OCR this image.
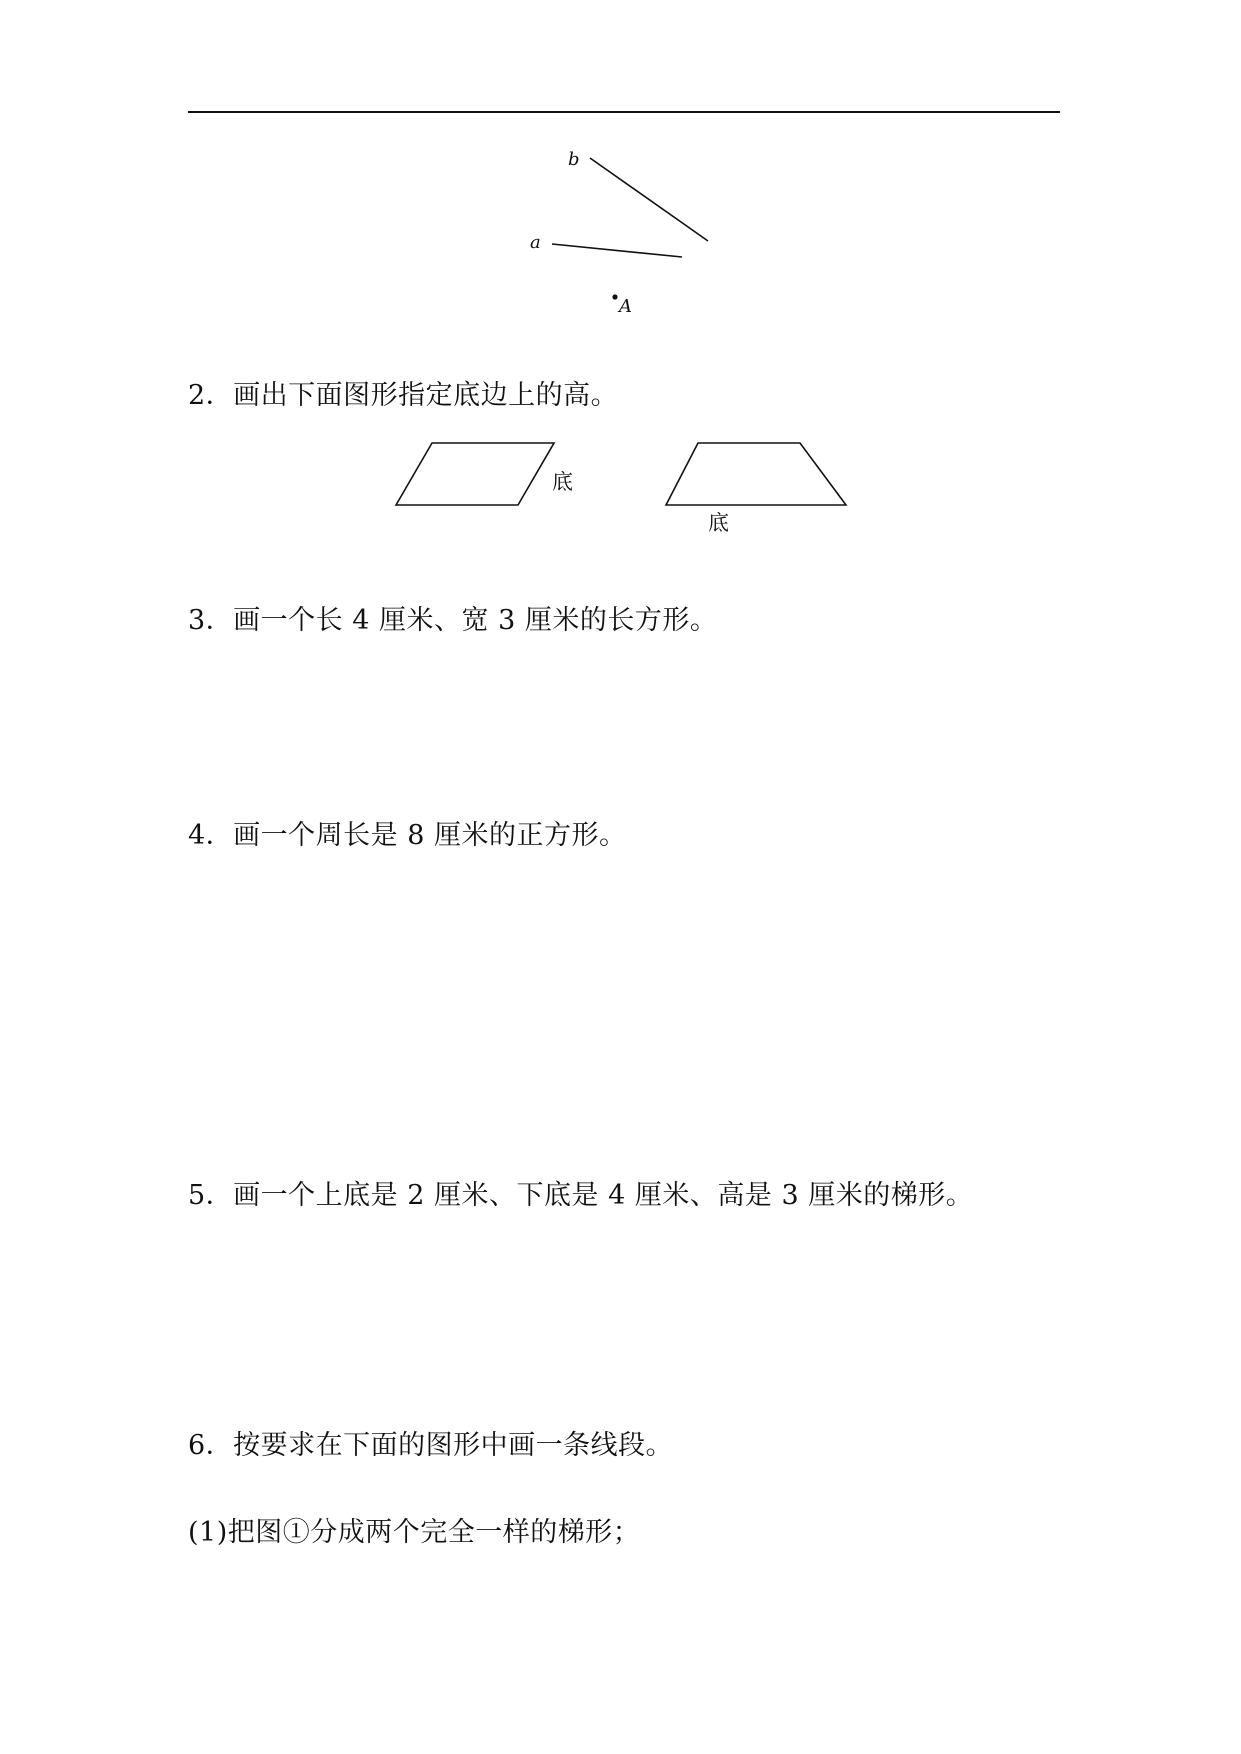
b
a
A
2．画出下面图形指定底边上的高。
底
底
3．画一个长 4 厘米、宽 3 厘米的长方形。
4．画一个周长是 8 厘米的正方形。
5．画一个上底是 2 厘米、下底是 4 厘米、高是 3 厘米的梯形。
6．按要求在下面的图形中画一条线段。
(1)把图①分成两个完全一样的梯形；
